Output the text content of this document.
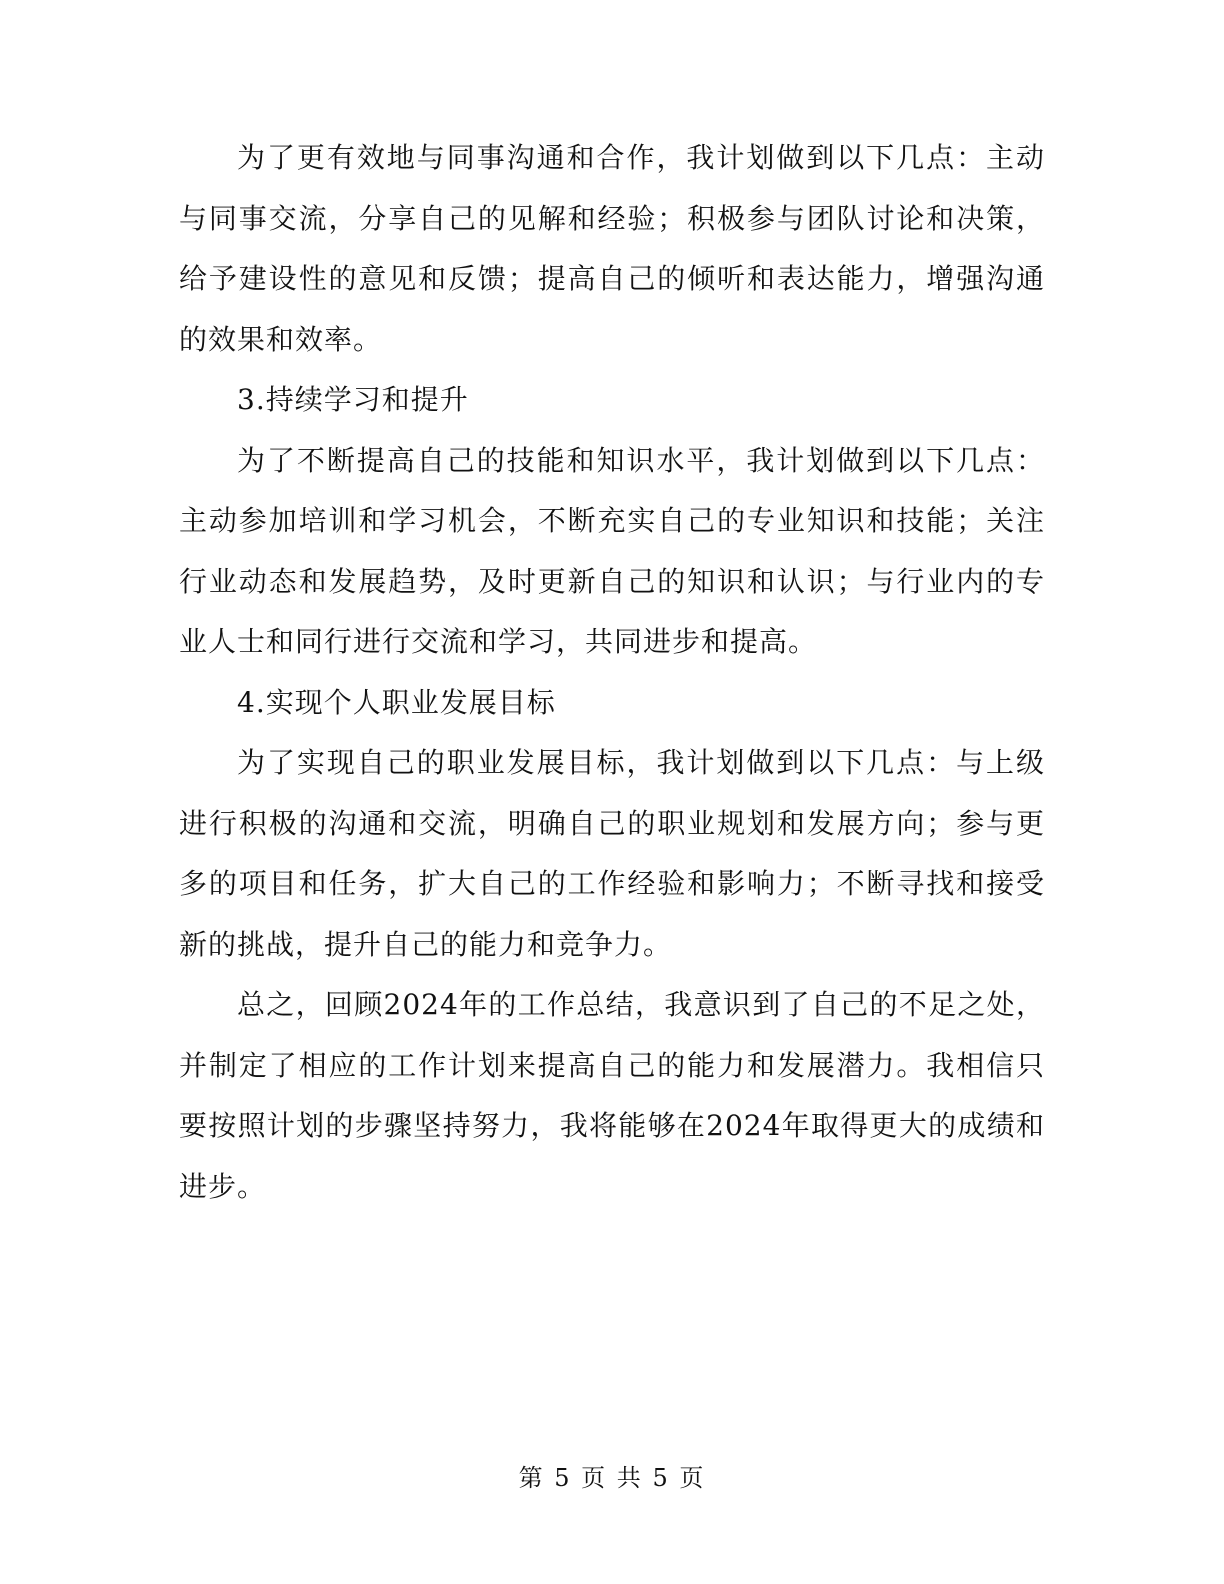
为了更有效地与同事沟通和合作，我计划做到以下几点：主动与同事交流，分享自己的见解和经验；积极参与团队讨论和决策，给予建设性的意见和反馈；提高自己的倾听和表达能力，增强沟通的效果和效率。

3.持续学习和提升

为了不断提高自己的技能和知识水平，我计划做到以下几点：主动参加培训和学习机会，不断充实自己的专业知识和技能；关注行业动态和发展趋势，及时更新自己的知识和认识；与行业内的专业人士和同行进行交流和学习，共同进步和提高。

4.实现个人职业发展目标

为了实现自己的职业发展目标，我计划做到以下几点：与上级进行积极的沟通和交流，明确自己的职业规划和发展方向；参与更多的项目和任务，扩大自己的工作经验和影响力；不断寻找和接受新的挑战，提升自己的能力和竞争力。

总之，回顾2024年的工作总结，我意识到了自己的不足之处，并制定了相应的工作计划来提高自己的能力和发展潜力。我相信只要按照计划的步骤坚持努力，我将能够在2024年取得更大的成绩和进步。

第 5 页 共 5 页
